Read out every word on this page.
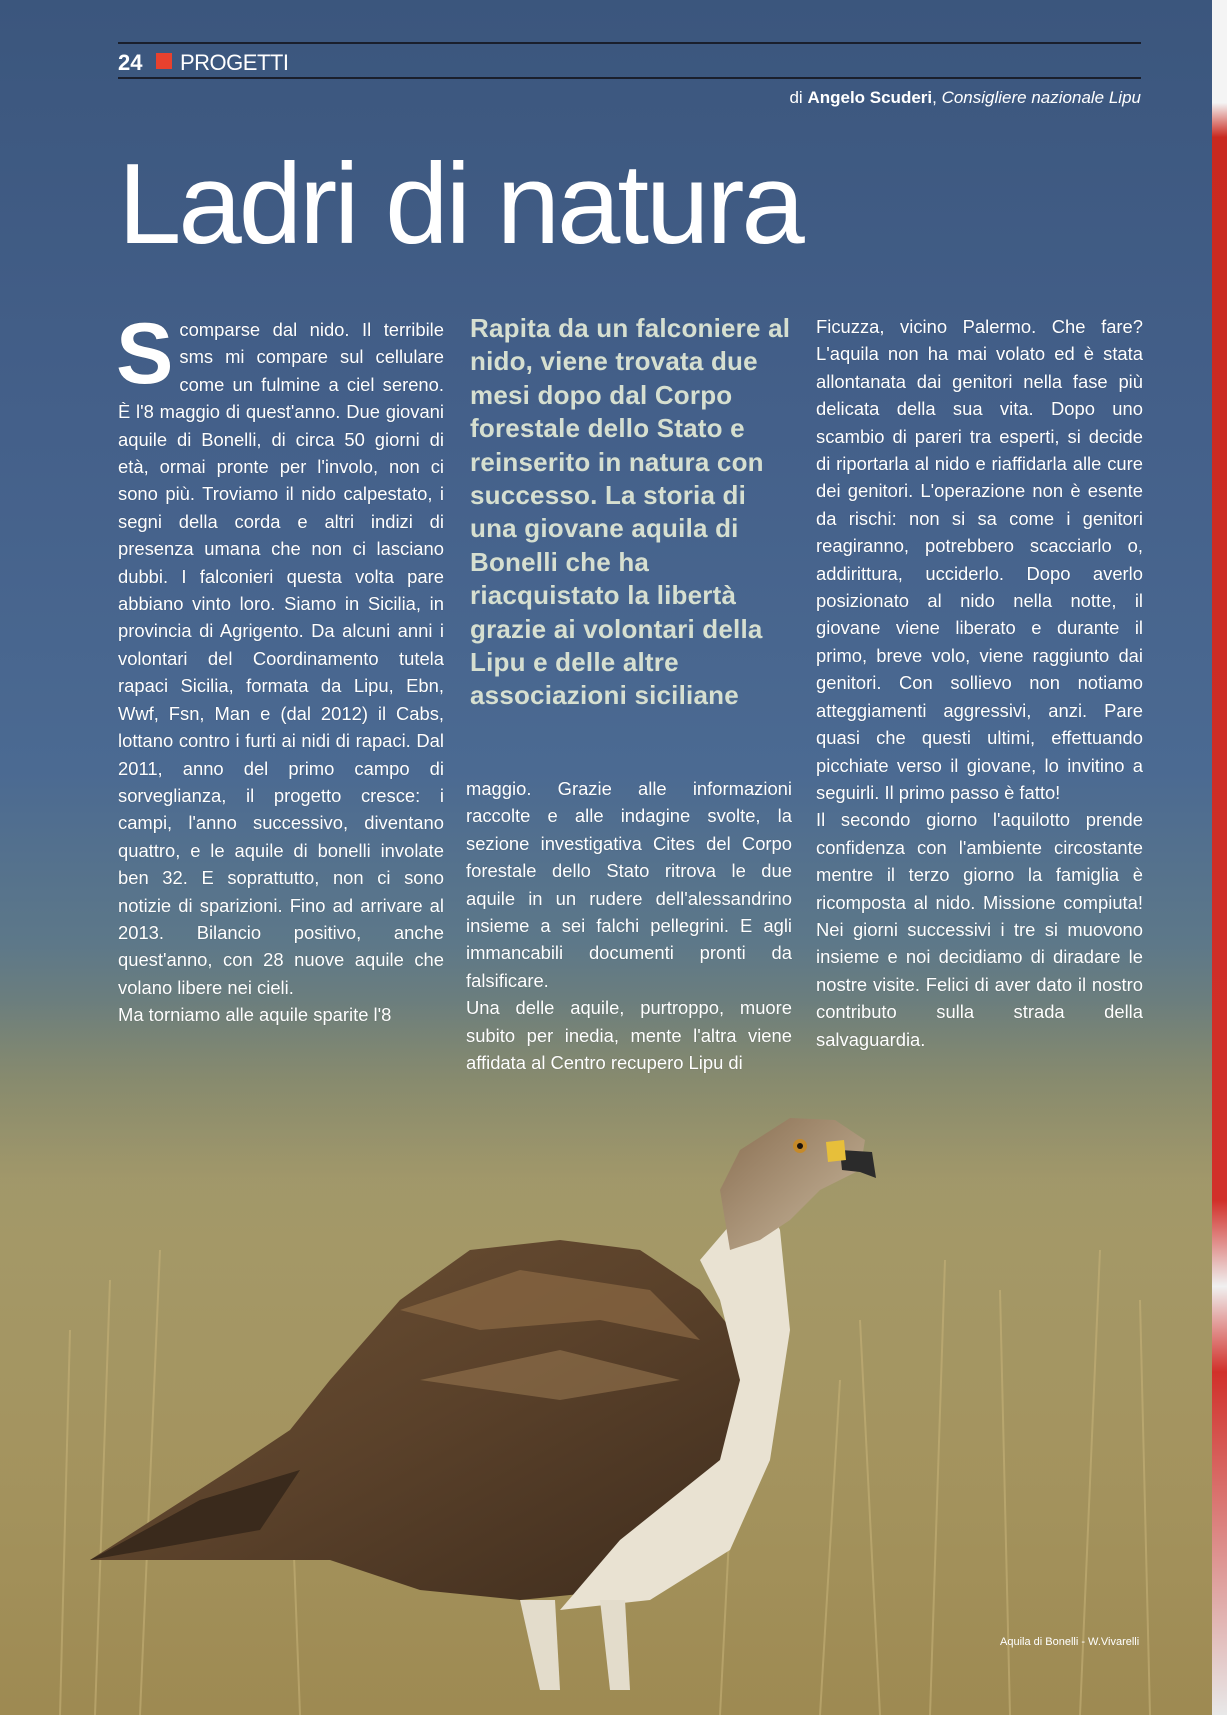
24 PROGETTI
di Angelo Scuderi, Consigliere nazionale Lipu
Ladri di natura

Scomparse dal nido. Il terribile sms mi compare sul cellulare come un fulmine a ciel sereno. È l'8 maggio di quest'anno. Due giovani aquile di Bonelli, di circa 50 giorni di età, ormai pronte per l'involo, non ci sono più. Troviamo il nido calpestato, i segni della corda e altri indizi di presenza umana che non ci lasciano dubbi. I falconieri questa volta pare abbiano vinto loro. Siamo in Sicilia, in provincia di Agrigento. Da alcuni anni i volontari del Coordinamento tutela rapaci Sicilia, formata da Lipu, Ebn, Wwf, Fsn, Man e (dal 2012) il Cabs, lottano contro i furti ai nidi di rapaci. Dal 2011, anno del primo campo di sorveglianza, il progetto cresce: i campi, l'anno successivo, diventano quattro, e le aquile di bonelli involate ben 32. E soprattutto, non ci sono notizie di sparizioni. Fino ad arrivare al 2013. Bilancio positivo, anche quest'anno, con 28 nuove aquile che volano libere nei cieli.

Ma torniamo alle aquile sparite l'8

Rapita da un falconiere al nido, viene trovata due mesi dopo dal Corpo forestale dello Stato e reinserito in natura con successo. La storia di una giovane aquila di Bonelli che ha riacquistato la libertà grazie ai volontari della Lipu e delle altre associazioni siciliane

maggio. Grazie alle informazioni raccolte e alle indagine svolte, la sezione investigativa Cites del Corpo forestale dello Stato ritrova le due aquile in un rudere dell'alessandrino insieme a sei falchi pellegrini. E agli immancabili documenti pronti da falsificare.

Una delle aquile, purtroppo, muore subito per inedia, mente l'altra viene affidata al Centro recupero Lipu di

Ficuzza, vicino Palermo. Che fare? L'aquila non ha mai volato ed è stata allontanata dai genitori nella fase più delicata della sua vita. Dopo uno scambio di pareri tra esperti, si decide di riportarla al nido e riaffidarla alle cure dei genitori. L'operazione non è esente da rischi: non si sa come i genitori reagiranno, potrebbero scacciarlo o, addirittura, ucciderlo. Dopo averlo posizionato al nido nella notte, il giovane viene liberato e durante il primo, breve volo, viene raggiunto dai genitori. Con sollievo non notiamo atteggiamenti aggressivi, anzi. Pare quasi che questi ultimi, effettuando picchiate verso il giovane, lo invitino a seguirli. Il primo passo è fatto!

Il secondo giorno l'aquilotto prende confidenza con l'ambiente circostante mentre il terzo giorno la famiglia è ricomposta al nido. Missione compiuta! Nei giorni successivi i tre si muovono insieme e noi decidiamo di diradare le nostre visite. Felici di aver dato il nostro contributo sulla strada della salvaguardia.

Aquila di Bonelli - W.Vivarelli
